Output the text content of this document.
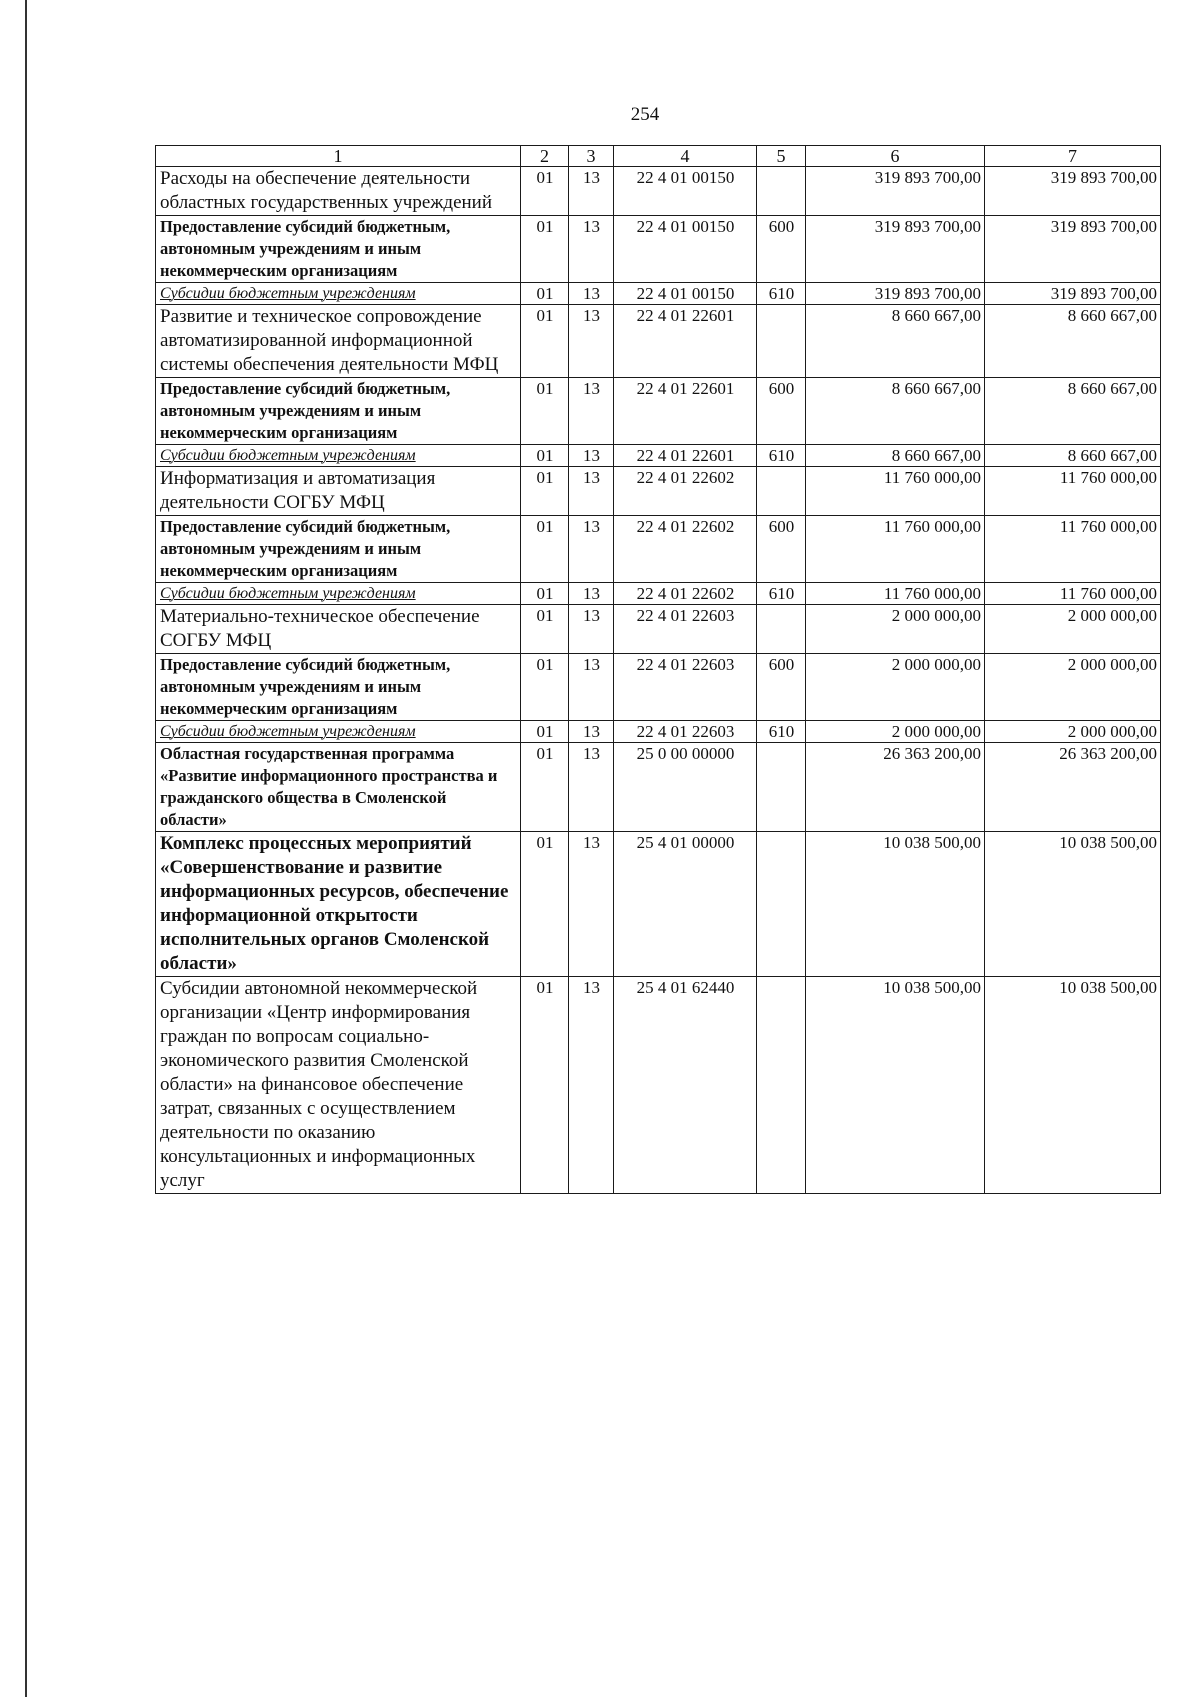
254
1	2	3	4	5	6	7
Расходы на обеспечение деятельности областных государственных учреждений	01	13	22 4 01 00150		319 893 700,00	319 893 700,00
Предоставление субсидий бюджетным, автономным учреждениям и иным некоммерческим организациям	01	13	22 4 01 00150	600	319 893 700,00	319 893 700,00
Субсидии бюджетным учреждениям	01	13	22 4 01 00150	610	319 893 700,00	319 893 700,00
Развитие и техническое сопровождение автоматизированной информационной системы обеспечения деятельности МФЦ	01	13	22 4 01 22601		8 660 667,00	8 660 667,00
Предоставление субсидий бюджетным, автономным учреждениям и иным некоммерческим организациям	01	13	22 4 01 22601	600	8 660 667,00	8 660 667,00
Субсидии бюджетным учреждениям	01	13	22 4 01 22601	610	8 660 667,00	8 660 667,00
Информатизация и автоматизация деятельности СОГБУ МФЦ	01	13	22 4 01 22602		11 760 000,00	11 760 000,00
Предоставление субсидий бюджетным, автономным учреждениям и иным некоммерческим организациям	01	13	22 4 01 22602	600	11 760 000,00	11 760 000,00
Субсидии бюджетным учреждениям	01	13	22 4 01 22602	610	11 760 000,00	11 760 000,00
Материально-техническое обеспечение СОГБУ МФЦ	01	13	22 4 01 22603		2 000 000,00	2 000 000,00
Предоставление субсидий бюджетным, автономным учреждениям и иным некоммерческим организациям	01	13	22 4 01 22603	600	2 000 000,00	2 000 000,00
Субсидии бюджетным учреждениям	01	13	22 4 01 22603	610	2 000 000,00	2 000 000,00
Областная государственная программа «Развитие информационного пространства и гражданского общества в Смоленской области»	01	13	25 0 00 00000		26 363 200,00	26 363 200,00
Комплекс процессных мероприятий «Совершенствование и развитие информационных ресурсов, обеспечение информационной открытости исполнительных органов Смоленской области»	01	13	25 4 01 00000		10 038 500,00	10 038 500,00
Субсидии автономной некоммерческой организации «Центр информирования граждан по вопросам социально-экономического развития Смоленской области» на финансовое обеспечение затрат, связанных с осуществлением деятельности по оказанию консультационных и информационных услуг	01	13	25 4 01 62440		10 038 500,00	10 038 500,00
